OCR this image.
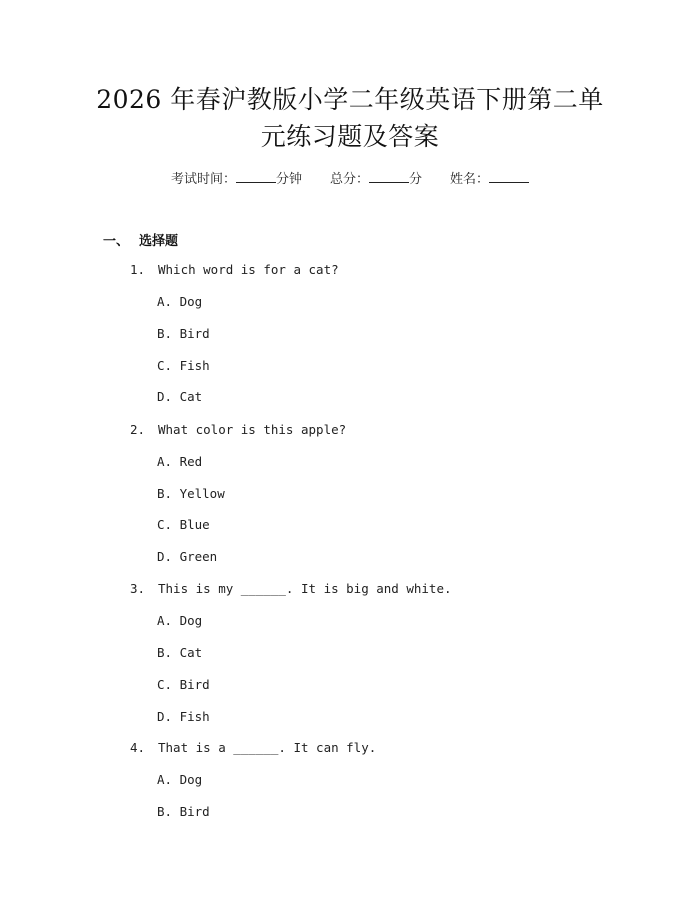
2026 年春沪教版小学二年级英语下册第二单
元练习题及答案
考试时间：	分钟 总分：	分 姓名：
一、 选择题
1. Which word is for a cat?
A. Dog
B. Bird
C. Fish
D. Cat
2. What color is this apple?
A. Red
B. Yellow
C. Blue
D. Green
3. This is my ______. It is big and white.
A. Dog
B. Cat
C. Bird
D. Fish
4. That is a ______. It can fly.
A. Dog
B. Bird
